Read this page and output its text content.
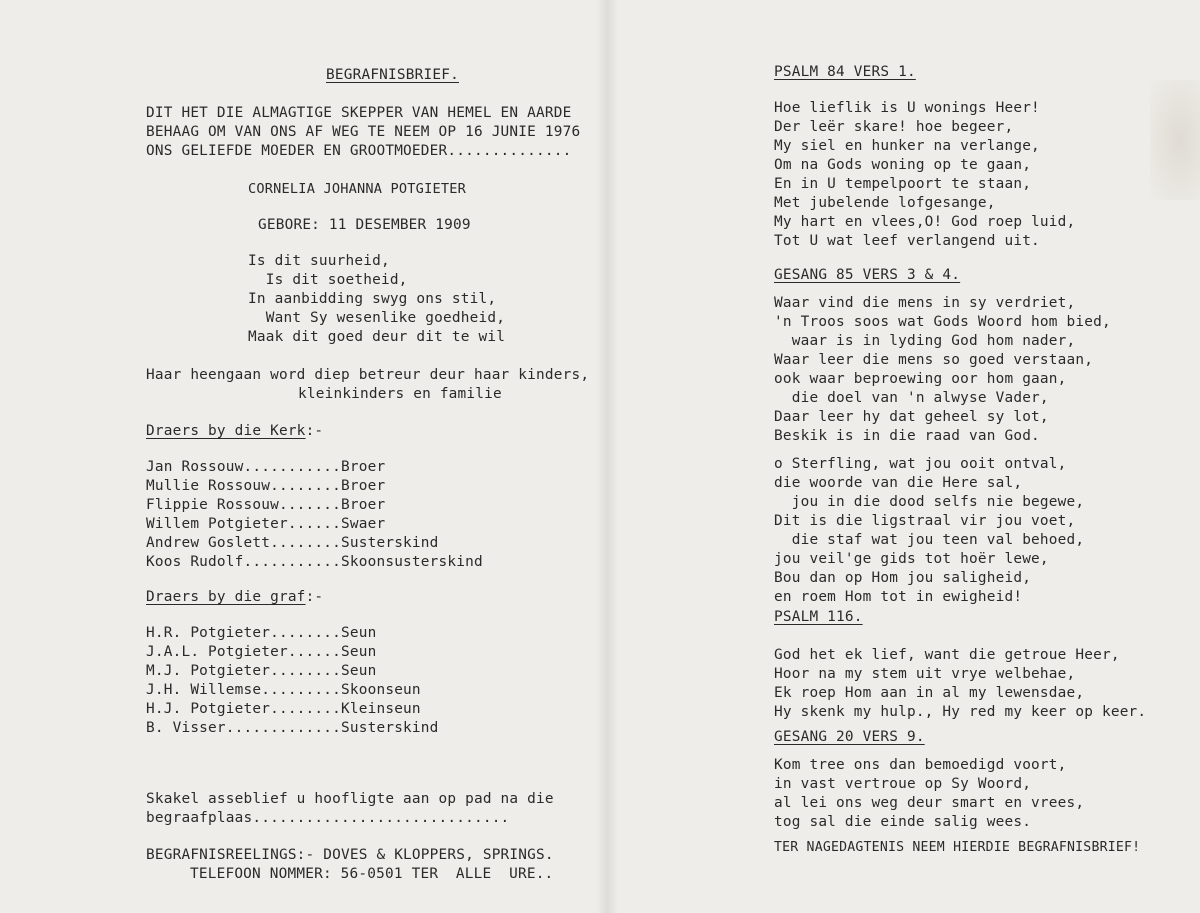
BEGRAFNISBRIEF.
DIT HET DIE ALMAGTIGE SKEPPER VAN HEMEL EN AARDE
BEHAAG OM VAN ONS AF WEG TE NEEM OP 16 JUNIE 1976
ONS GELIEFDE MOEDER EN GROOTMOEDER..............
CORNELIA JOHANNA POTGIETER
GEBORE: 11 DESEMBER 1909
Is dit suurheid,
Is dit soetheid,
In aanbidding swyg ons stil,
Want Sy wesenlike goedheid,
Maak dit goed deur dit te wil
Haar heengaan word diep betreur deur haar kinders,
kleinkinders en familie
Draers by die Kerk:-
Jan Rossouw...........Broer
Mullie Rossouw........Broer
Flippie Rossouw.......Broer
Willem Potgieter......Swaer
Andrew Goslett........Susterskind
Koos Rudolf...........Skoonsusterskind
Draers by die graf:-
H.R. Potgieter........Seun
J.A.L. Potgieter......Seun
M.J. Potgieter........Seun
J.H. Willemse.........Skoonseun
H.J. Potgieter........Kleinseun
B. Visser.............Susterskind
Skakel asseblief u hoofligte aan op pad na die
begraafplaas.............................
BEGRAFNISREELINGS:- DOVES & KLOPPERS, SPRINGS.
TELEFOON NOMMER: 56-0501 TER  ALLE  URE..
PSALM 84 VERS 1.
Hoe lieflik is U wonings Heer!
Der leër skare! hoe begeer,
My siel en hunker na verlange,
Om na Gods woning op te gaan,
En in U tempelpoort te staan,
Met jubelende lofgesange,
My hart en vlees,O! God roep luid,
Tot U wat leef verlangend uit.
GESANG 85 VERS 3 & 4.
Waar vind die mens in sy verdriet,
'n Troos soos wat Gods Woord hom bied,
waar is in lyding God hom nader,
Waar leer die mens so goed verstaan,
ook waar beproewing oor hom gaan,
die doel van 'n alwyse Vader,
Daar leer hy dat geheel sy lot,
Beskik is in die raad van God.
o Sterfling, wat jou ooit ontval,
die woorde van die Here sal,
jou in die dood selfs nie begewe,
Dit is die ligstraal vir jou voet,
die staf wat jou teen val behoed,
jou veil'ge gids tot hoër lewe,
Bou dan op Hom jou saligheid,
en roem Hom tot in ewigheid!
PSALM 116.
God het ek lief, want die getroue Heer,
Hoor na my stem uit vrye welbehae,
Ek roep Hom aan in al my lewensdae,
Hy skenk my hulp., Hy red my keer op keer.
GESANG 20 VERS 9.
Kom tree ons dan bemoedigd voort,
in vast vertroue op Sy Woord,
al lei ons weg deur smart en vrees,
tog sal die einde salig wees.
TER NAGEDAGTENIS NEEM HIERDIE BEGRAFNISBRIEF!
